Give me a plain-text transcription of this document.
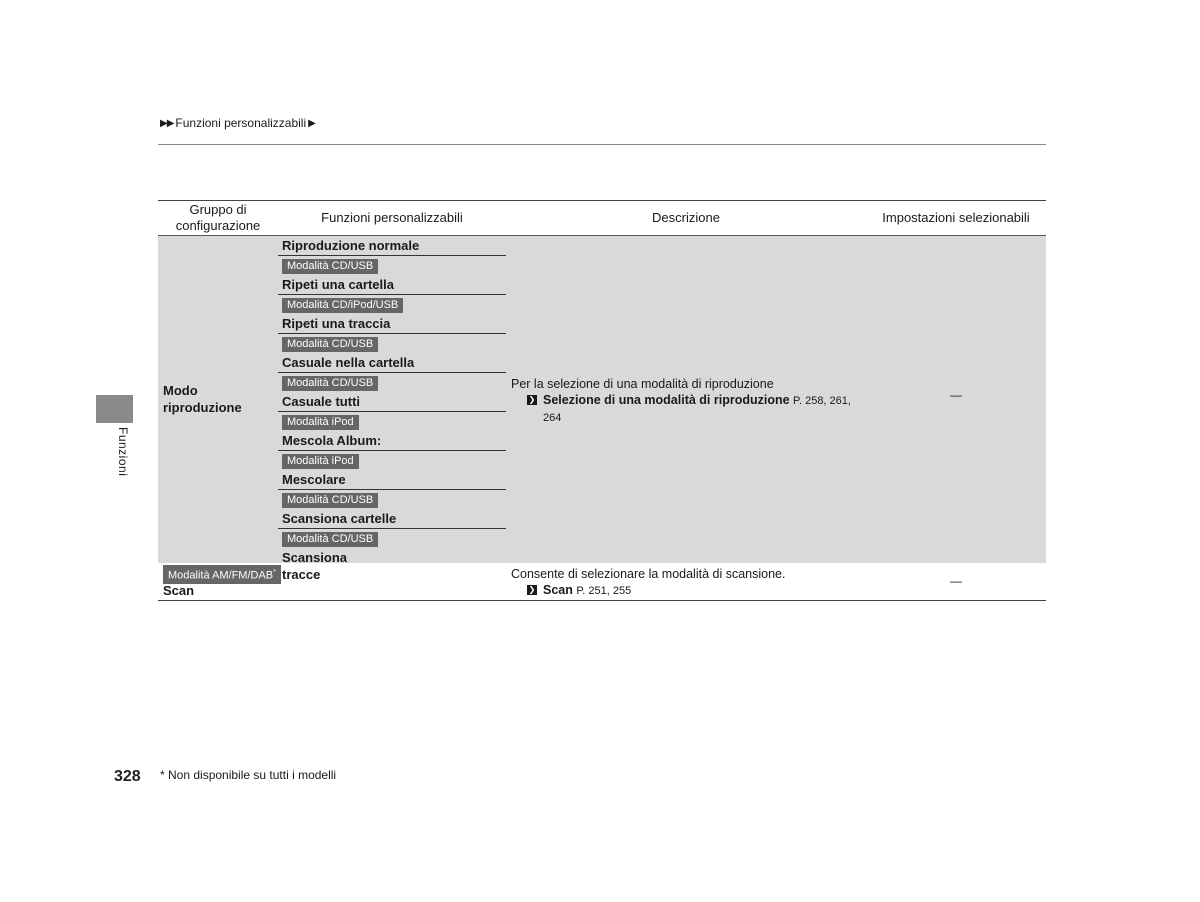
▶▶ Funzioni personalizzabili ▶
Funzioni
Gruppo di configurazione
Funzioni personalizzabili	Descrizione	Impostazioni selezionabili
Modo riproduzione
Riproduzione normale
Modalità CD/USB
Ripeti una cartella
Modalità CD/iPod/USB
Ripeti una traccia
Modalità CD/USB
Casuale nella cartella
Modalità CD/USB
Casuale tutti
Modalità iPod
Mescola Album:
Modalità iPod
Mescolare
Modalità CD/USB
Scansiona cartelle
Modalità CD/USB
Scansiona tracce
Per la selezione di una modalità di riproduzione
❯ Selezione di una modalità di riproduzione P. 258, 261, 264
—
Modalità AM/FM/DAB*
Scan
Consente di selezionare la modalità di scansione.
❯ Scan P. 251, 255
—
328 * Non disponibile su tutti i modelli
